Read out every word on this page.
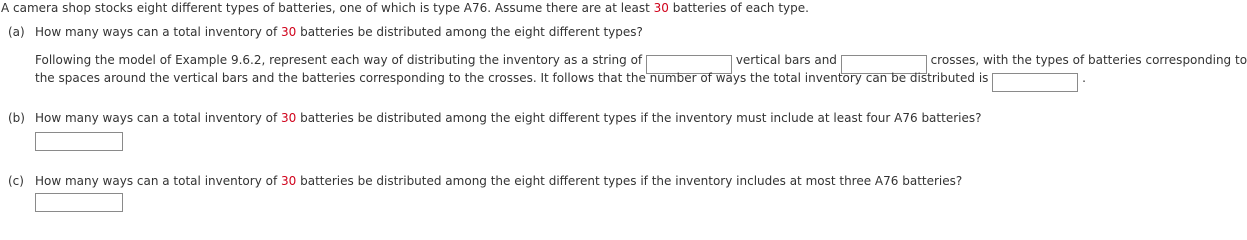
A camera shop stocks eight different types of batteries, one of which is type A76. Assume there are at least 30 batteries of each type.
(a) How many ways can a total inventory of 30 batteries be distributed among the eight different types?
Following the model of Example 9.6.2, represent each way of distributing the inventory as a string of	vertical bars and	crosses, with the types of batteries corresponding to
the spaces around the vertical bars and the batteries corresponding to the crosses. It follows that the number of ways the total inventory can be distributed is	.
(b) How many ways can a total inventory of 30 batteries be distributed among the eight different types if the inventory must include at least four A76 batteries?
(c) How many ways can a total inventory of 30 batteries be distributed among the eight different types if the inventory includes at most three A76 batteries?
